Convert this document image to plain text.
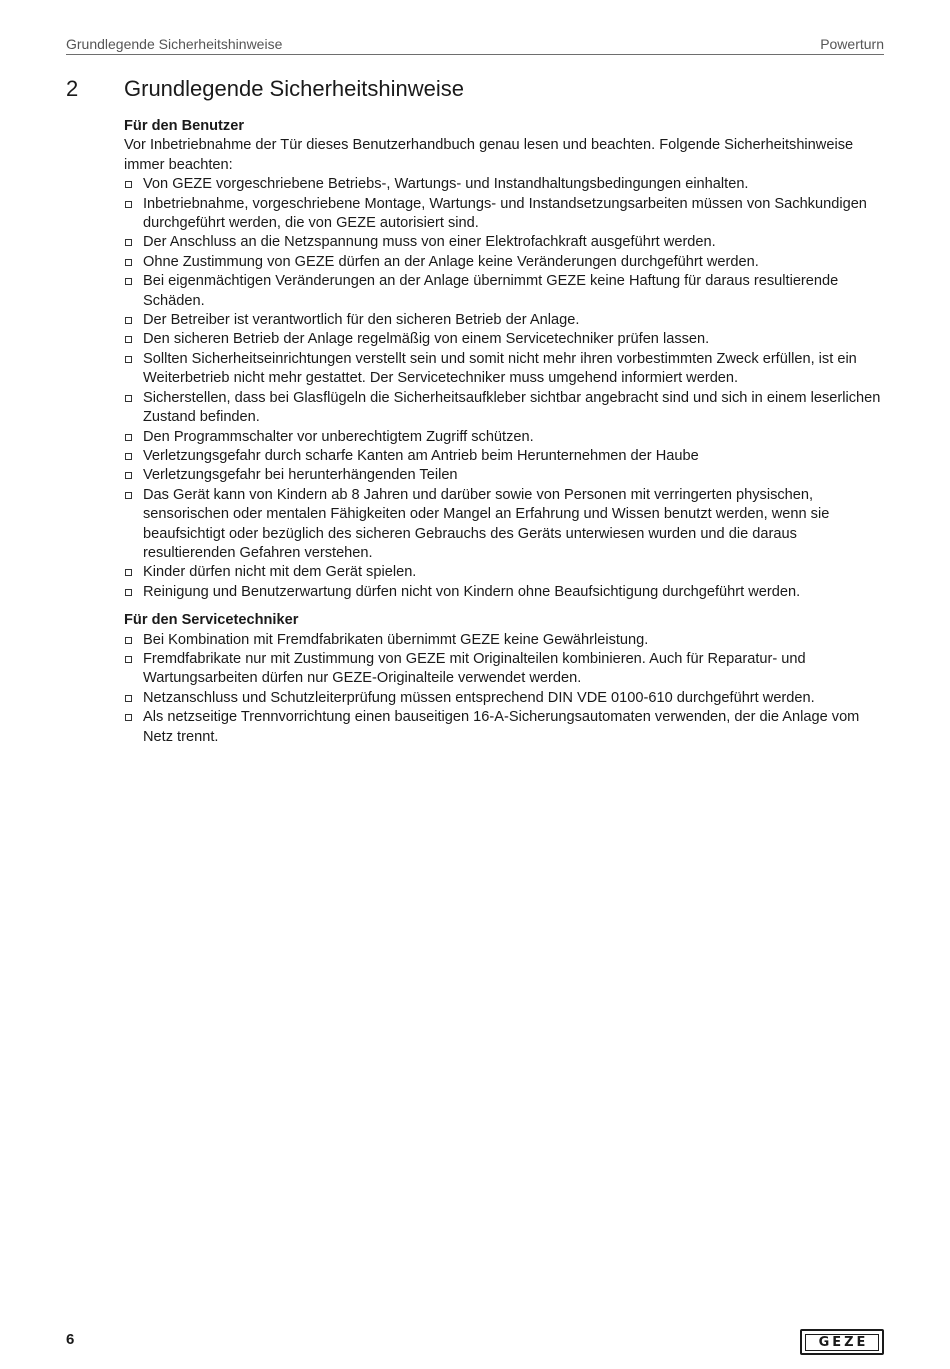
Grundlegende Sicherheitshinweise	Powerturn
2 Grundlegende Sicherheitshinweise

Für den Benutzer

Vor Inbetriebnahme der Tür dieses Benutzerhandbuch genau lesen und beachten. Folgende Sicherheitshinweise immer beachten:

Von GEZE vorgeschriebene Betriebs-, Wartungs- und Instandhaltungsbedingungen einhalten.
Inbetriebnahme, vorgeschriebene Montage, Wartungs- und Instandsetzungsarbeiten müssen von Sachkundigen durchgeführt werden, die von GEZE autorisiert sind.
Der Anschluss an die Netzspannung muss von einer Elektrofachkraft ausgeführt werden.
Ohne Zustimmung von GEZE dürfen an der Anlage keine Veränderungen durchgeführt werden.
Bei eigenmächtigen Veränderungen an der Anlage übernimmt GEZE keine Haftung für daraus resultierende Schäden.
Der Betreiber ist verantwortlich für den sicheren Betrieb der Anlage.
Den sicheren Betrieb der Anlage regelmäßig von einem Servicetechniker prüfen lassen.
Sollten Sicherheitseinrichtungen verstellt sein und somit nicht mehr ihren vorbestimmten Zweck erfüllen, ist ein Weiterbetrieb nicht mehr gestattet. Der Servicetechniker muss umgehend informiert werden.
Sicherstellen, dass bei Glasflügeln die Sicherheitsaufkleber sichtbar angebracht sind und sich in einem leserlichen Zustand befinden.
Den Programmschalter vor unberechtigtem Zugriff schützen.
Verletzungsgefahr durch scharfe Kanten am Antrieb beim Herunternehmen der Haube
Verletzungsgefahr bei herunterhängenden Teilen
Das Gerät kann von Kindern ab 8 Jahren und darüber sowie von Personen mit verringerten physischen, sensorischen oder mentalen Fähigkeiten oder Mangel an Erfahrung und Wissen benutzt werden, wenn sie beaufsichtigt oder bezüglich des sicheren Gebrauchs des Geräts unterwiesen wurden und die daraus resultierenden Gefahren verstehen.
Kinder dürfen nicht mit dem Gerät spielen.
Reinigung und Benutzerwartung dürfen nicht von Kindern ohne Beaufsichtigung durchgeführt werden.

Für den Servicetechniker

Bei Kombination mit Fremdfabrikaten übernimmt GEZE keine Gewährleistung.
Fremdfabrikate nur mit Zustimmung von GEZE mit Originalteilen kombinieren. Auch für Reparatur- und Wartungsarbeiten dürfen nur GEZE-Originalteile verwendet werden.
Netzanschluss und Schutzleiterprüfung müssen entsprechend DIN VDE 0100-610 durchgeführt werden.
Als netzseitige Trennvorrichtung einen bauseitigen 16-A-Sicherungsautomaten verwenden, der die Anlage vom Netz trennt.
6	GEZE
